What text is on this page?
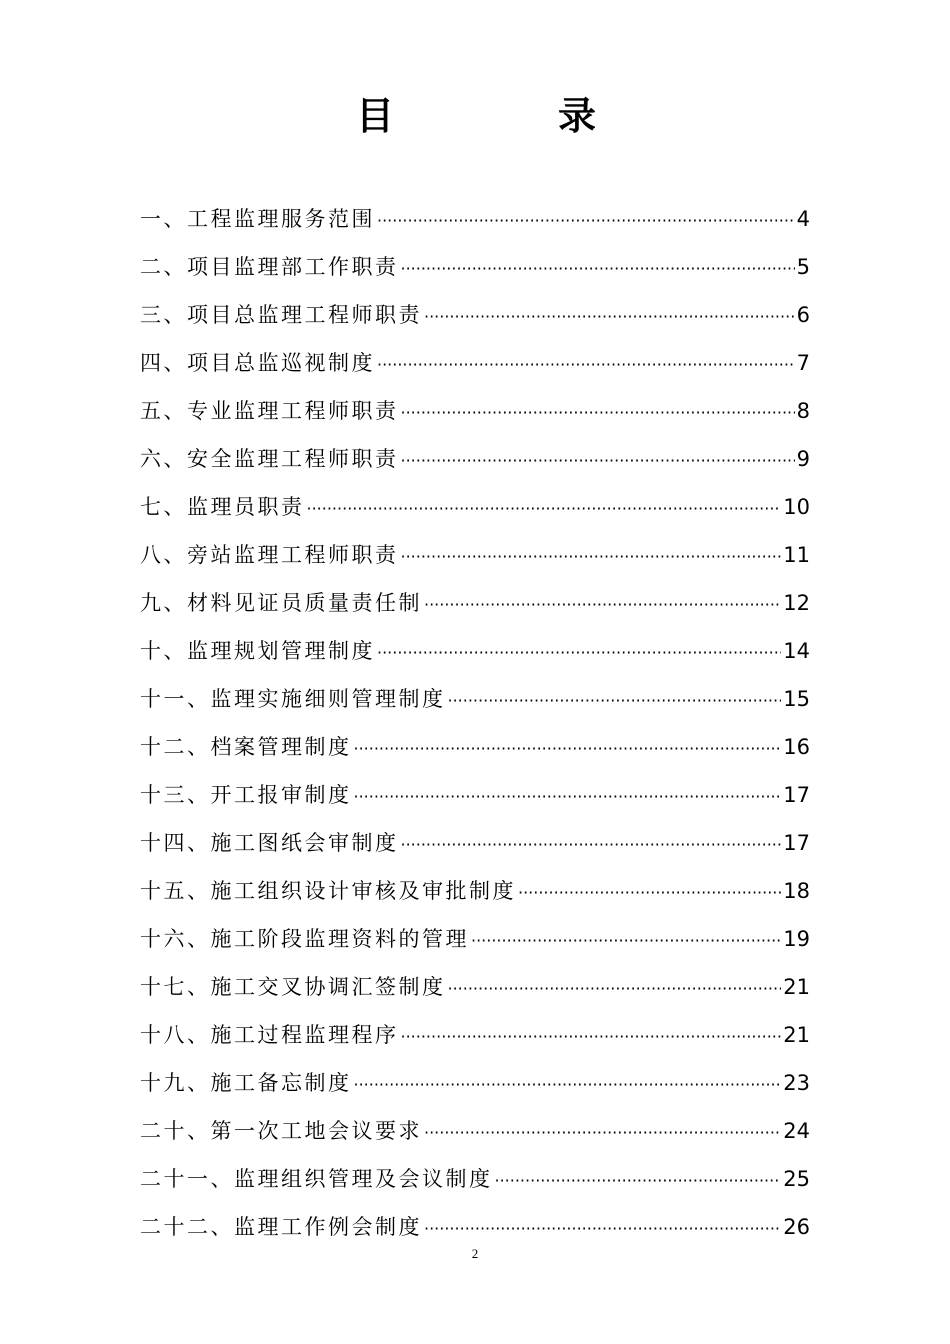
目	录
一、工程监理服务范围 ·····	4
二、项目监理部工作职责 ·····	5
三、项目总监理工程师职责 ·····	6
四、项目总监巡视制度 ·····	7
五、专业监理工程师职责 ·····	8
六、安全监理工程师职责 ·····	9
七、监理员职责 ·····	10
八、旁站监理工程师职责 ·····	11
九、材料见证员质量责任制 ·····	12
十、监理规划管理制度 ·····	14
十一、监理实施细则管理制度 ·····	15
十二、档案管理制度 ·····	16
十三、开工报审制度 ·····	17
十四、施工图纸会审制度 ·····	17
十五、施工组织设计审核及审批制度 ·····	18
十六、施工阶段监理资料的管理 ·····	19
十七、施工交叉协调汇签制度 ·····	21
十八、施工过程监理程序 ·····	21
十九、施工备忘制度 ·····	23
二十、第一次工地会议要求 ·····	24
二十一、监理组织管理及会议制度 ·····	25
二十二、监理工作例会制度 ·····	26
2
